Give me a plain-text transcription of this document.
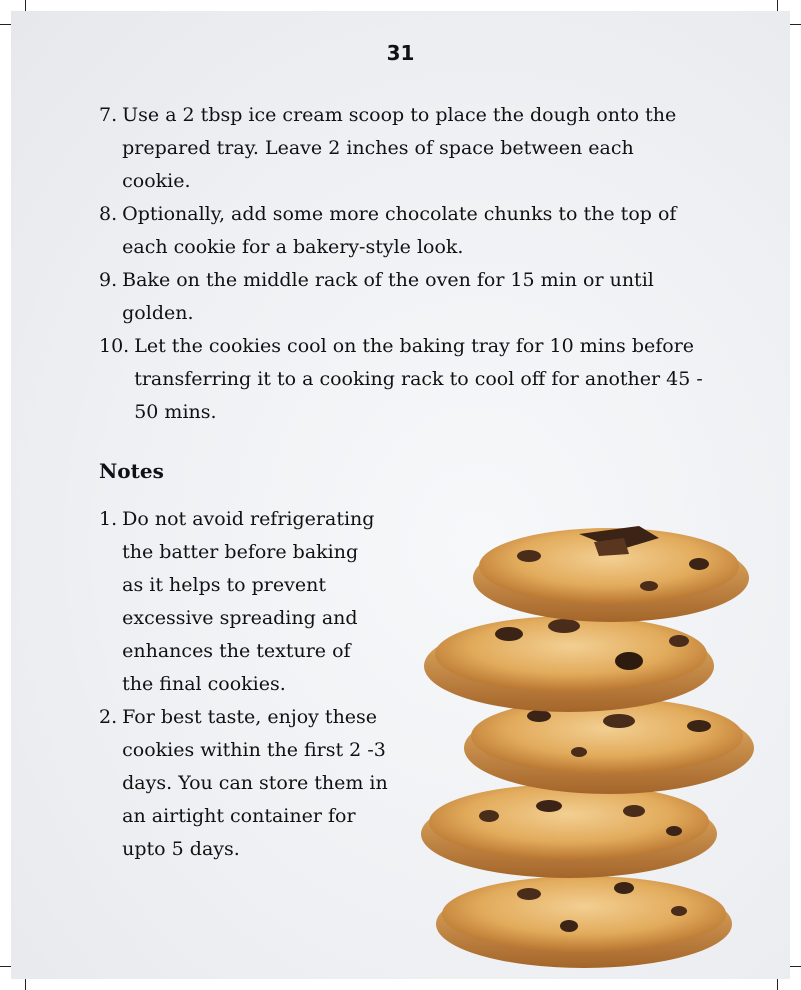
31
7. Use a 2 tbsp ice cream scoop to place the dough onto the prepared tray. Leave 2 inches of space between each cookie.
8. Optionally, add some more chocolate chunks to the top of each cookie for a bakery-style look.
9. Bake on the middle rack of the oven for 15 min or until golden.
10. Let the cookies cool on the baking tray for 10 mins before transferring it to a cooking rack to cool off for another 45 - 50 mins.
Notes
1. Do not avoid refrigerating the batter before baking as it helps to prevent excessive spreading and enhances the texture of the final cookies.
2. For best taste, enjoy these cookies within the first 2 -3 days. You can store them in an airtight container for upto 5 days.
